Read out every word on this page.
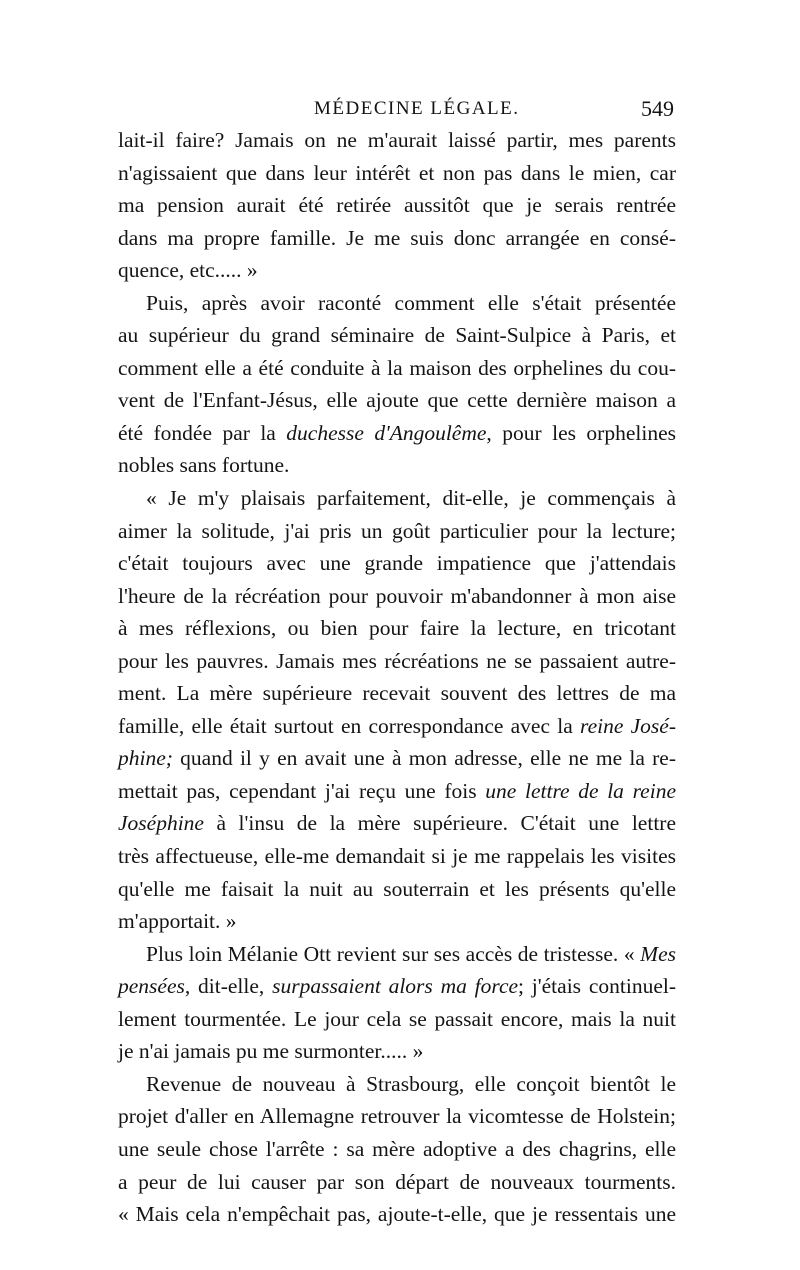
MÉDECINE LÉGALE.	549
lait-il faire? Jamais on ne m'aurait laissé partir, mes parents
n'agissaient que dans leur intérêt et non pas dans le mien, car
ma pension aurait été retirée aussitôt que je serais rentrée
dans ma propre famille. Je me suis donc arrangée en consé-
quence, etc..... »
Puis, après avoir raconté comment elle s'était présentée
au supérieur du grand séminaire de Saint-Sulpice à Paris, et
comment elle a été conduite à la maison des orphelines du cou-
vent de l'Enfant-Jésus, elle ajoute que cette dernière maison a
été fondée par la duchesse d'Angoulême, pour les orphelines
nobles sans fortune.
« Je m'y plaisais parfaitement, dit-elle, je commençais à
aimer la solitude, j'ai pris un goût particulier pour la lecture;
c'était toujours avec une grande impatience que j'attendais
l'heure de la récréation pour pouvoir m'abandonner à mon aise
à mes réflexions, ou bien pour faire la lecture, en tricotant
pour les pauvres. Jamais mes récréations ne se passaient autre-
ment. La mère supérieure recevait souvent des lettres de ma
famille, elle était surtout en correspondance avec la reine José-
phine; quand il y en avait une à mon adresse, elle ne me la re-
mettait pas, cependant j'ai reçu une fois une lettre de la reine
Joséphine à l'insu de la mère supérieure. C'était une lettre
très affectueuse, elle-me demandait si je me rappelais les visites
qu'elle me faisait la nuit au souterrain et les présents qu'elle
m'apportait. »
Plus loin Mélanie Ott revient sur ses accès de tristesse. « Mes
pensées, dit-elle, surpassaient alors ma force; j'étais continuel-
lement tourmentée. Le jour cela se passait encore, mais la nuit
je n'ai jamais pu me surmonter..... »
Revenue de nouveau à Strasbourg, elle conçoit bientôt le
projet d'aller en Allemagne retrouver la vicomtesse de Holstein;
une seule chose l'arrête : sa mère adoptive a des chagrins, elle
a peur de lui causer par son départ de nouveaux tourments.
« Mais cela n'empêchait pas, ajoute-t-elle, que je ressentais une
